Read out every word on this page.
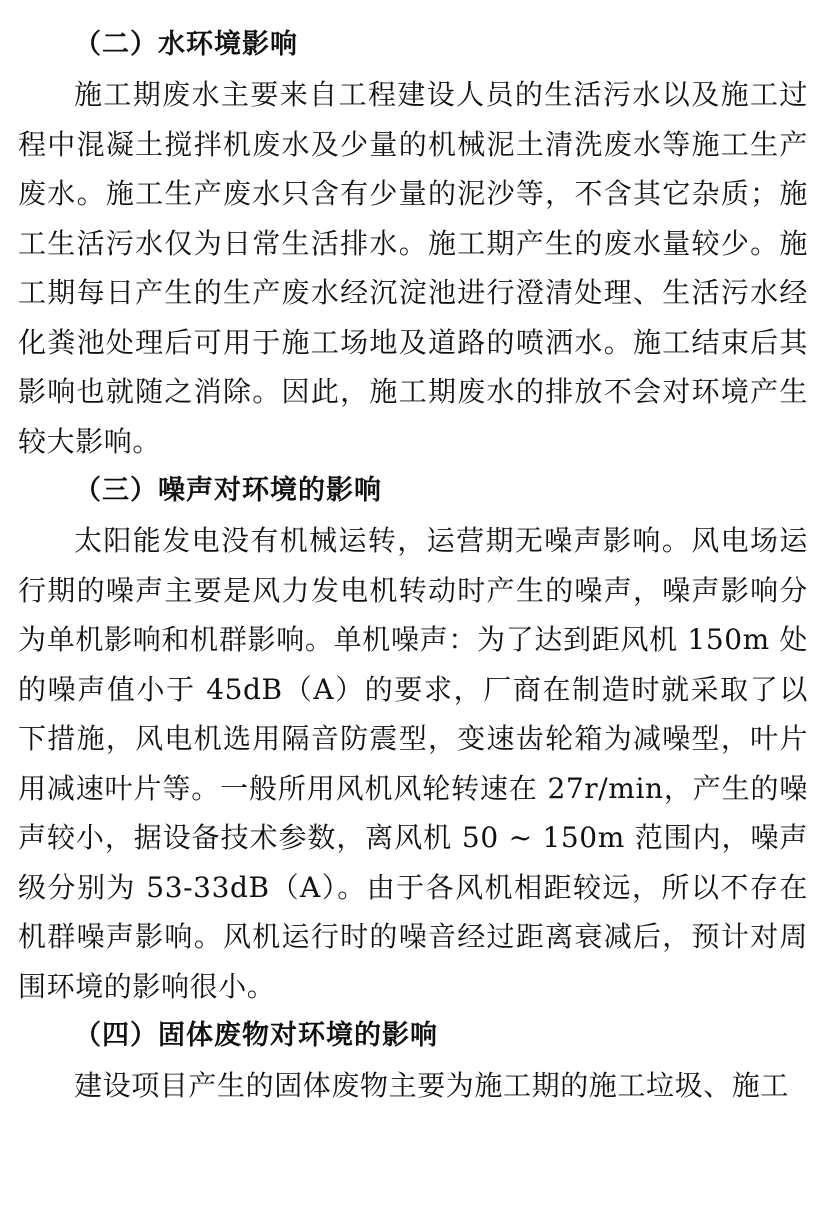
（二）水环境影响

施工期废水主要来自工程建设人员的生活污水以及施工过程中混凝土搅拌机废水及少量的机械泥土清洗废水等施工生产废水。施工生产废水只含有少量的泥沙等，不含其它杂质；施工生活污水仅为日常生活排水。施工期产生的废水量较少。施工期每日产生的生产废水经沉淀池进行澄清处理、生活污水经化粪池处理后可用于施工场地及道路的喷洒水。施工结束后其影响也就随之消除。因此，施工期废水的排放不会对环境产生较大影响。

（三）噪声对环境的影响

太阳能发电没有机械运转，运营期无噪声影响。风电场运行期的噪声主要是风力发电机转动时产生的噪声，噪声影响分为单机影响和机群影响。单机噪声：为了达到距风机 150m 处的噪声值小于 45dB（A）的要求，厂商在制造时就采取了以下措施，风电机选用隔音防震型，变速齿轮箱为减噪型，叶片用减速叶片等。一般所用风机风轮转速在 27r/min，产生的噪声较小，据设备技术参数，离风机 50 ~ 150m 范围内，噪声级分别为 53-33dB（A）。由于各风机相距较远，所以不存在机群噪声影响。风机运行时的噪音经过距离衰减后，预计对周围环境的影响很小。

（四）固体废物对环境的影响

建设项目产生的固体废物主要为施工期的施工垃圾、施工
